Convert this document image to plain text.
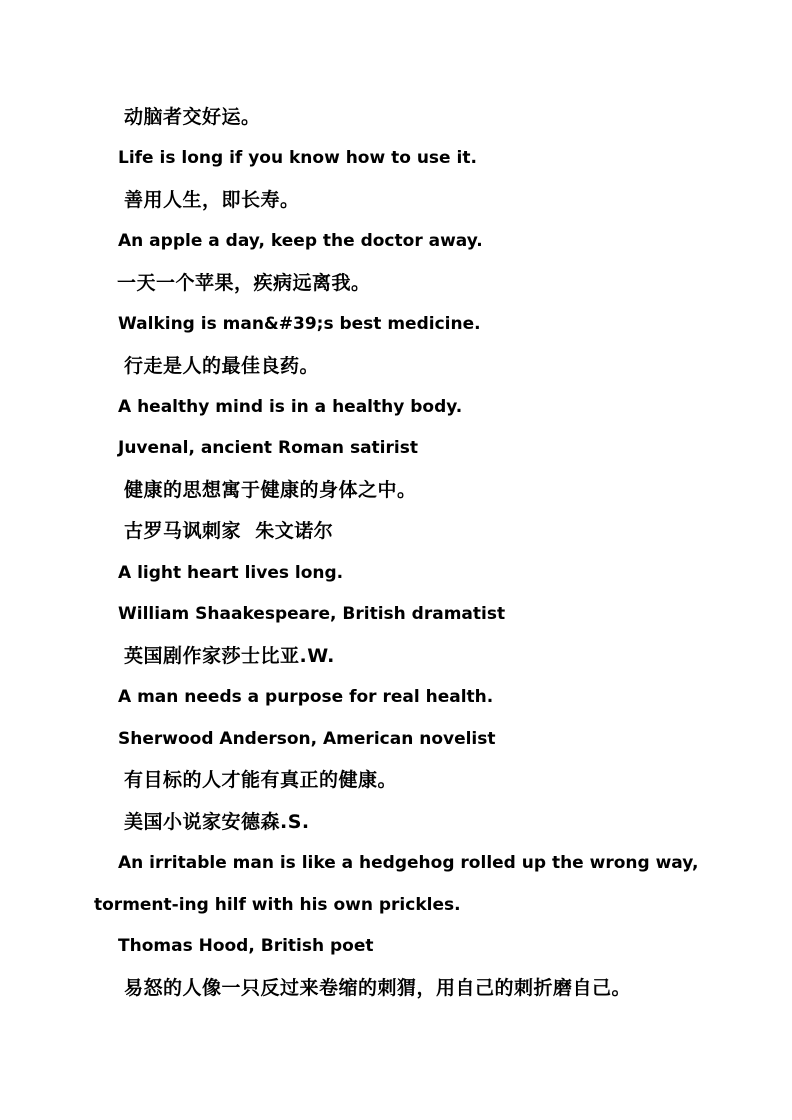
动脑者交好运。
Life is long if you know how to use it.
善用人生，即长寿。
An apple a day, keep the doctor away.
一天一个苹果，疾病远离我。
Walking is man&#39;s best medicine.
行走是人的最佳良药。
A healthy mind is in a healthy body.
Juvenal, ancient Roman satirist
健康的思想寓于健康的身体之中。
古罗马讽刺家  朱文诺尔
A light heart lives long.
William Shaakespeare, British dramatist
英国剧作家莎士比亚.W.
A man needs a purpose for real health.
Sherwood Anderson, American novelist
有目标的人才能有真正的健康。
美国小说家安德森.S.
An irritable man is like a hedgehog rolled up the wrong way,
torment-ing hilf with his own prickles.
Thomas Hood, British poet
易怒的人像一只反过来卷缩的刺猬，用自己的刺折磨自己。
